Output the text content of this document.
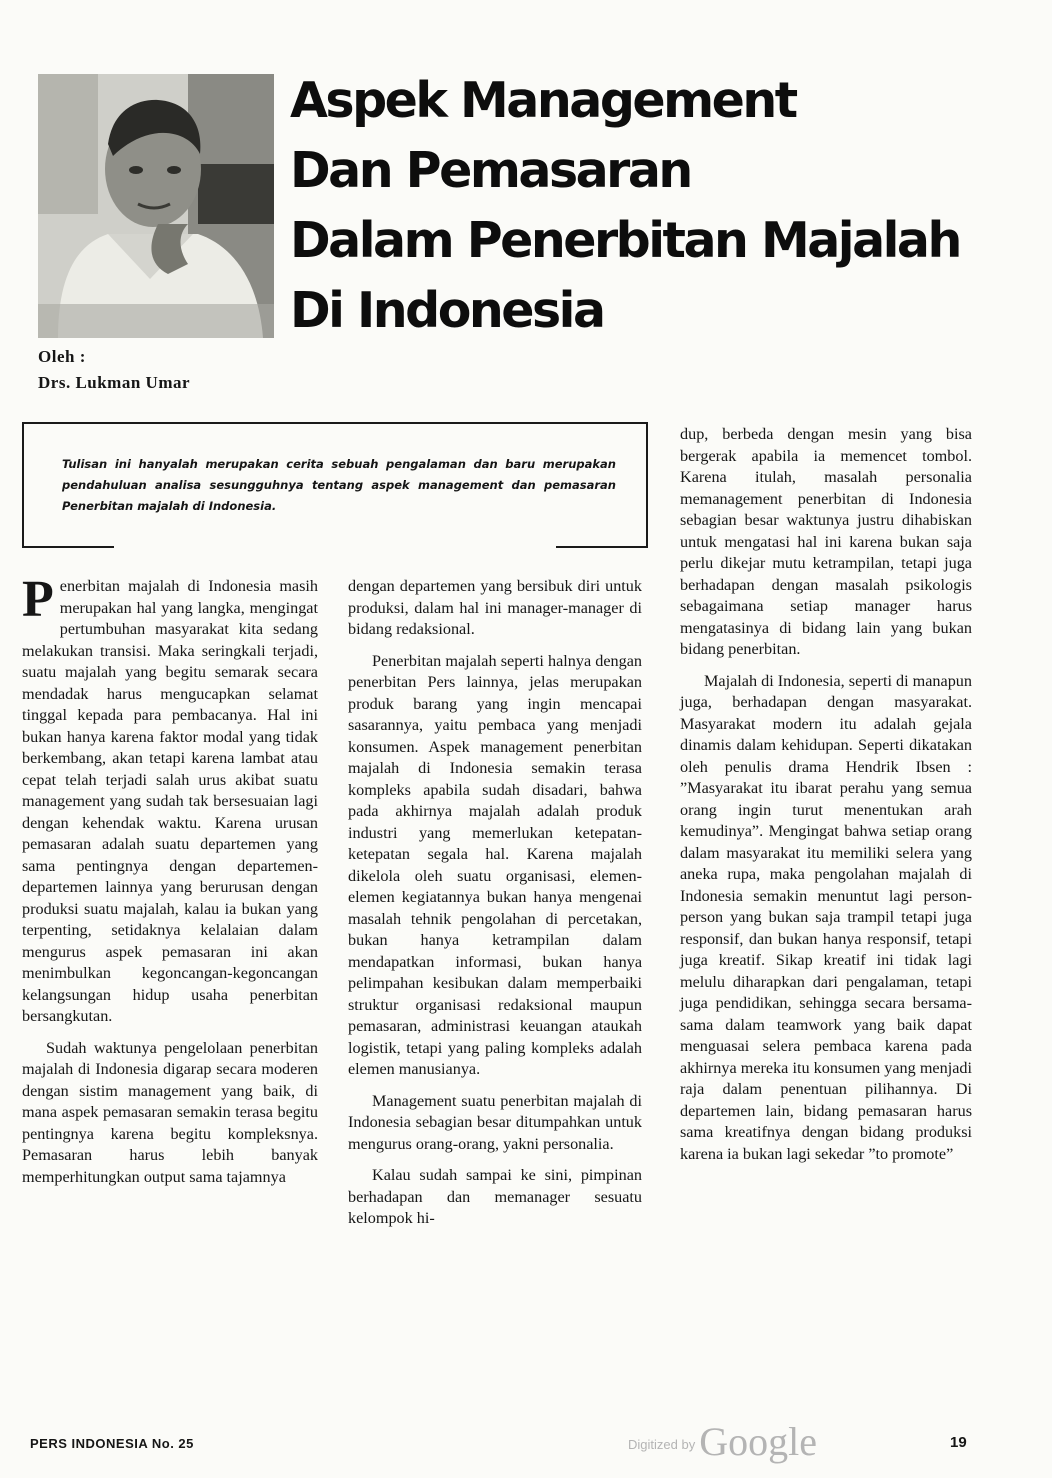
Aspek Management
Dan Pemasaran
Dalam Penerbitan Majalah
Di Indonesia
Oleh :
Drs. Lukman Umar

Tulisan ini hanyalah merupakan cerita sebuah pengalaman dan baru merupakan pendahuluan analisa sesungguhnya tentang aspek management dan pemasaran Penerbitan majalah di Indonesia.

Penerbitan majalah di Indonesia masih merupakan hal yang langka, mengingat pertumbuhan masyarakat kita sedang melakukan transisi. Maka seringkali terjadi, suatu majalah yang begitu semarak secara mendadak harus mengucapkan selamat tinggal kepada para pembacanya. Hal ini bukan hanya karena faktor modal yang tidak berkembang, akan tetapi karena lambat atau cepat telah terjadi salah urus akibat suatu management yang sudah tak bersesuaian lagi dengan kehendak waktu. Karena urusan pemasaran adalah suatu departemen yang sama pentingnya dengan departemen-departemen lainnya yang berurusan dengan produksi suatu majalah, kalau ia bukan yang terpenting, setidaknya kelalaian dalam mengurus aspek pemasaran ini akan menimbulkan kegoncangan-kegoncangan kelangsungan hidup usaha penerbitan bersangkutan.

Sudah waktunya pengelolaan penerbitan majalah di Indonesia digarap secara moderen dengan sistim management yang baik, di mana aspek pemasaran semakin terasa begitu pentingnya karena begitu kompleksnya. Pemasaran harus lebih banyak memperhitungkan output sama tajamnya

dengan departemen yang bersibuk diri untuk produksi, dalam hal ini manager-manager di bidang redaksional.

Penerbitan majalah seperti halnya dengan penerbitan Pers lainnya, jelas merupakan produk barang yang ingin mencapai sasarannya, yaitu pembaca yang menjadi konsumen. Aspek management penerbitan majalah di Indonesia semakin terasa kompleks apabila sudah disadari, bahwa pada akhirnya majalah adalah produk industri yang memerlukan ketepatan-ketepatan segala hal. Karena majalah dikelola oleh suatu organisasi, elemen-elemen kegiatannya bukan hanya mengenai masalah tehnik pengolahan di percetakan, bukan hanya ketrampilan dalam mendapatkan informasi, bukan hanya pelimpahan kesibukan dalam memperbaiki struktur organisasi redaksional maupun pemasaran, administrasi keuangan ataukah logistik, tetapi yang paling kompleks adalah elemen manusianya.

Management suatu penerbitan majalah di Indonesia sebagian besar ditumpahkan untuk mengurus orang-orang, yakni personalia.

Kalau sudah sampai ke sini, pimpinan berhadapan dan memanager sesuatu kelompok hi-

dup, berbeda dengan mesin yang bisa bergerak apabila ia memencet tombol. Karena itulah, masalah personalia memanagement penerbitan di Indonesia sebagian besar waktunya justru dihabiskan untuk mengatasi hal ini karena bukan saja perlu dikejar mutu ketrampilan, tetapi juga berhadapan dengan masalah psikologis sebagaimana setiap manager harus mengatasinya di bidang lain yang bukan bidang penerbitan.

Majalah di Indonesia, seperti di manapun juga, berhadapan dengan masyarakat. Masyarakat modern itu adalah gejala dinamis dalam kehidupan. Seperti dikatakan oleh penulis drama Hendrik Ibsen : ”Masyarakat itu ibarat perahu yang semua orang ingin turut menentukan arah kemudinya”. Mengingat bahwa setiap orang dalam masyarakat itu memiliki selera yang aneka rupa, maka pengolahan majalah di Indonesia semakin menuntut lagi person-person yang bukan saja trampil tetapi juga responsif, dan bukan hanya responsif, tetapi juga kreatif. Sikap kreatif ini tidak lagi melulu diharapkan dari pengalaman, tetapi juga pendidikan, sehingga secara bersama-sama dalam teamwork yang baik dapat menguasai selera pembaca karena pada akhirnya mereka itu konsumen yang menjadi raja dalam penentuan pilihannya. Di departemen lain, bidang pemasaran harus sama kreatifnya dengan bidang produksi karena ia bukan lagi sekedar ”to promote”

PERS INDONESIA No. 25	$^{Digitized by}$ Google	19
